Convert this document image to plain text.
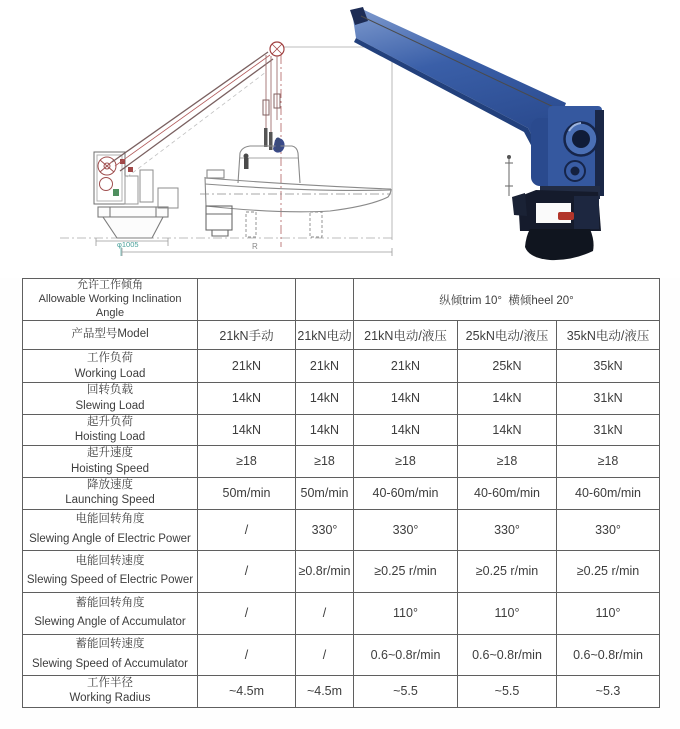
φ1005	R
允许工作倾角
Allowable Working Inclination Angle			纵倾trim 10°  横倾heel 20°		

产品型号Model	21kN手动	21kN电动	21kN电动/液压	25kN电动/液压	35kN电动/液压

工作负荷
Working Load	21kN	21kN	21kN	25kN	35kN

回转负载
Slewing Load	14kN	14kN	14kN	14kN	31kN

起升负荷
Hoisting Load	14kN	14kN	14kN	14kN	31kN

起升速度
Hoisting Speed	≥18	≥18	≥18	≥18	≥18

降放速度
Launching Speed	50m/min	50m/min	40-60m/min	40-60m/min	40-60m/min

电能回转角度
Slewing Angle of Electric Power	/	330°	330°	330°	330°

电能回转速度
Slewing Speed of Electric Power	/	≥0.8r/min	≥0.25 r/min	≥0.25 r/min	≥0.25 r/min

蓄能回转角度
Slewing Angle of Accumulator	/	/	110°	110°	110°

蓄能回转速度
Slewing Speed of Accumulator	/	/	0.6~0.8r/min	0.6~0.8r/min	0.6~0.8r/min

工作半径
Working Radius	~4.5m	~4.5m	~5.5	~5.5	~5.3
